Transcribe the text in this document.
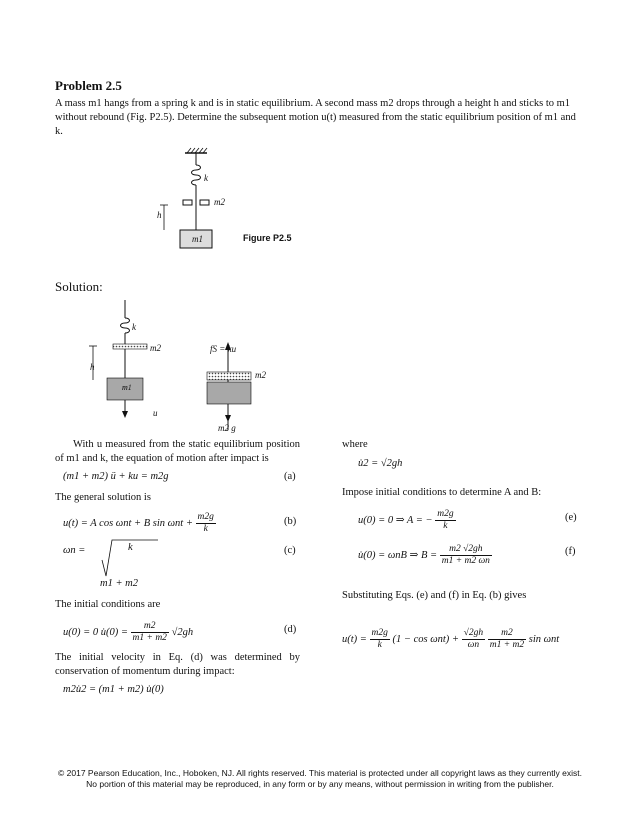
Problem 2.5
A mass m1 hangs from a spring k and is in static equilibrium. A second mass m2 drops through a height h and sticks to m1 without rebound (Fig. P2.5). Determine the subsequent motion u(t) measured from the static equilibrium position of m1 and k.
k
m2
h
m1	Figure P2.5
Solution:
k
m2
h
m1
u
fS = ku
m2
m2 g
With u measured from the static equilibrium position of m1 and k, the equation of motion after impact is
(m1 + m2) ü + ku = m2g	(a)
The general solution is
u(t) = A cos ωnt + B $\sin \omega nt + \frac{m2g}{k}$	(b)
ωn =	k
m1 + m2
(c)
The initial conditions are
u(0) = 0 u̇(0) = $\frac{m2}{m1 + m2} √2gh$	(d)
The initial velocity in Eq. (d) was determined by conservation of momentum during impact:
m2u̇2 = (m1 + m2) u̇(0)
where
u̇2 = √2gh
Impose initial conditions to determine A and B:
u(0) = 0 ⇒ A = − $\frac{m2g}{k}$	(e)
u̇(0) = ωnB ⇒ $B = \frac{m2 √2gh}{m1 + m2 \omega n}$	(f)
Substituting Eqs. (e) and (f) in Eq. (b) gives
$u(t) = \frac{m2g}{k} (1 - \cos \omega nt) + \frac{√2gh}{\omega n}$
$\frac{m2}{m1 + m2}$ sin ωnt
© 2017 Pearson Education, Inc., Hoboken, NJ. All rights reserved. This material is protected under all copyright laws as they currently exist. No portion of this material may be reproduced, in any form or by any means, without permission in writing from the publisher.
